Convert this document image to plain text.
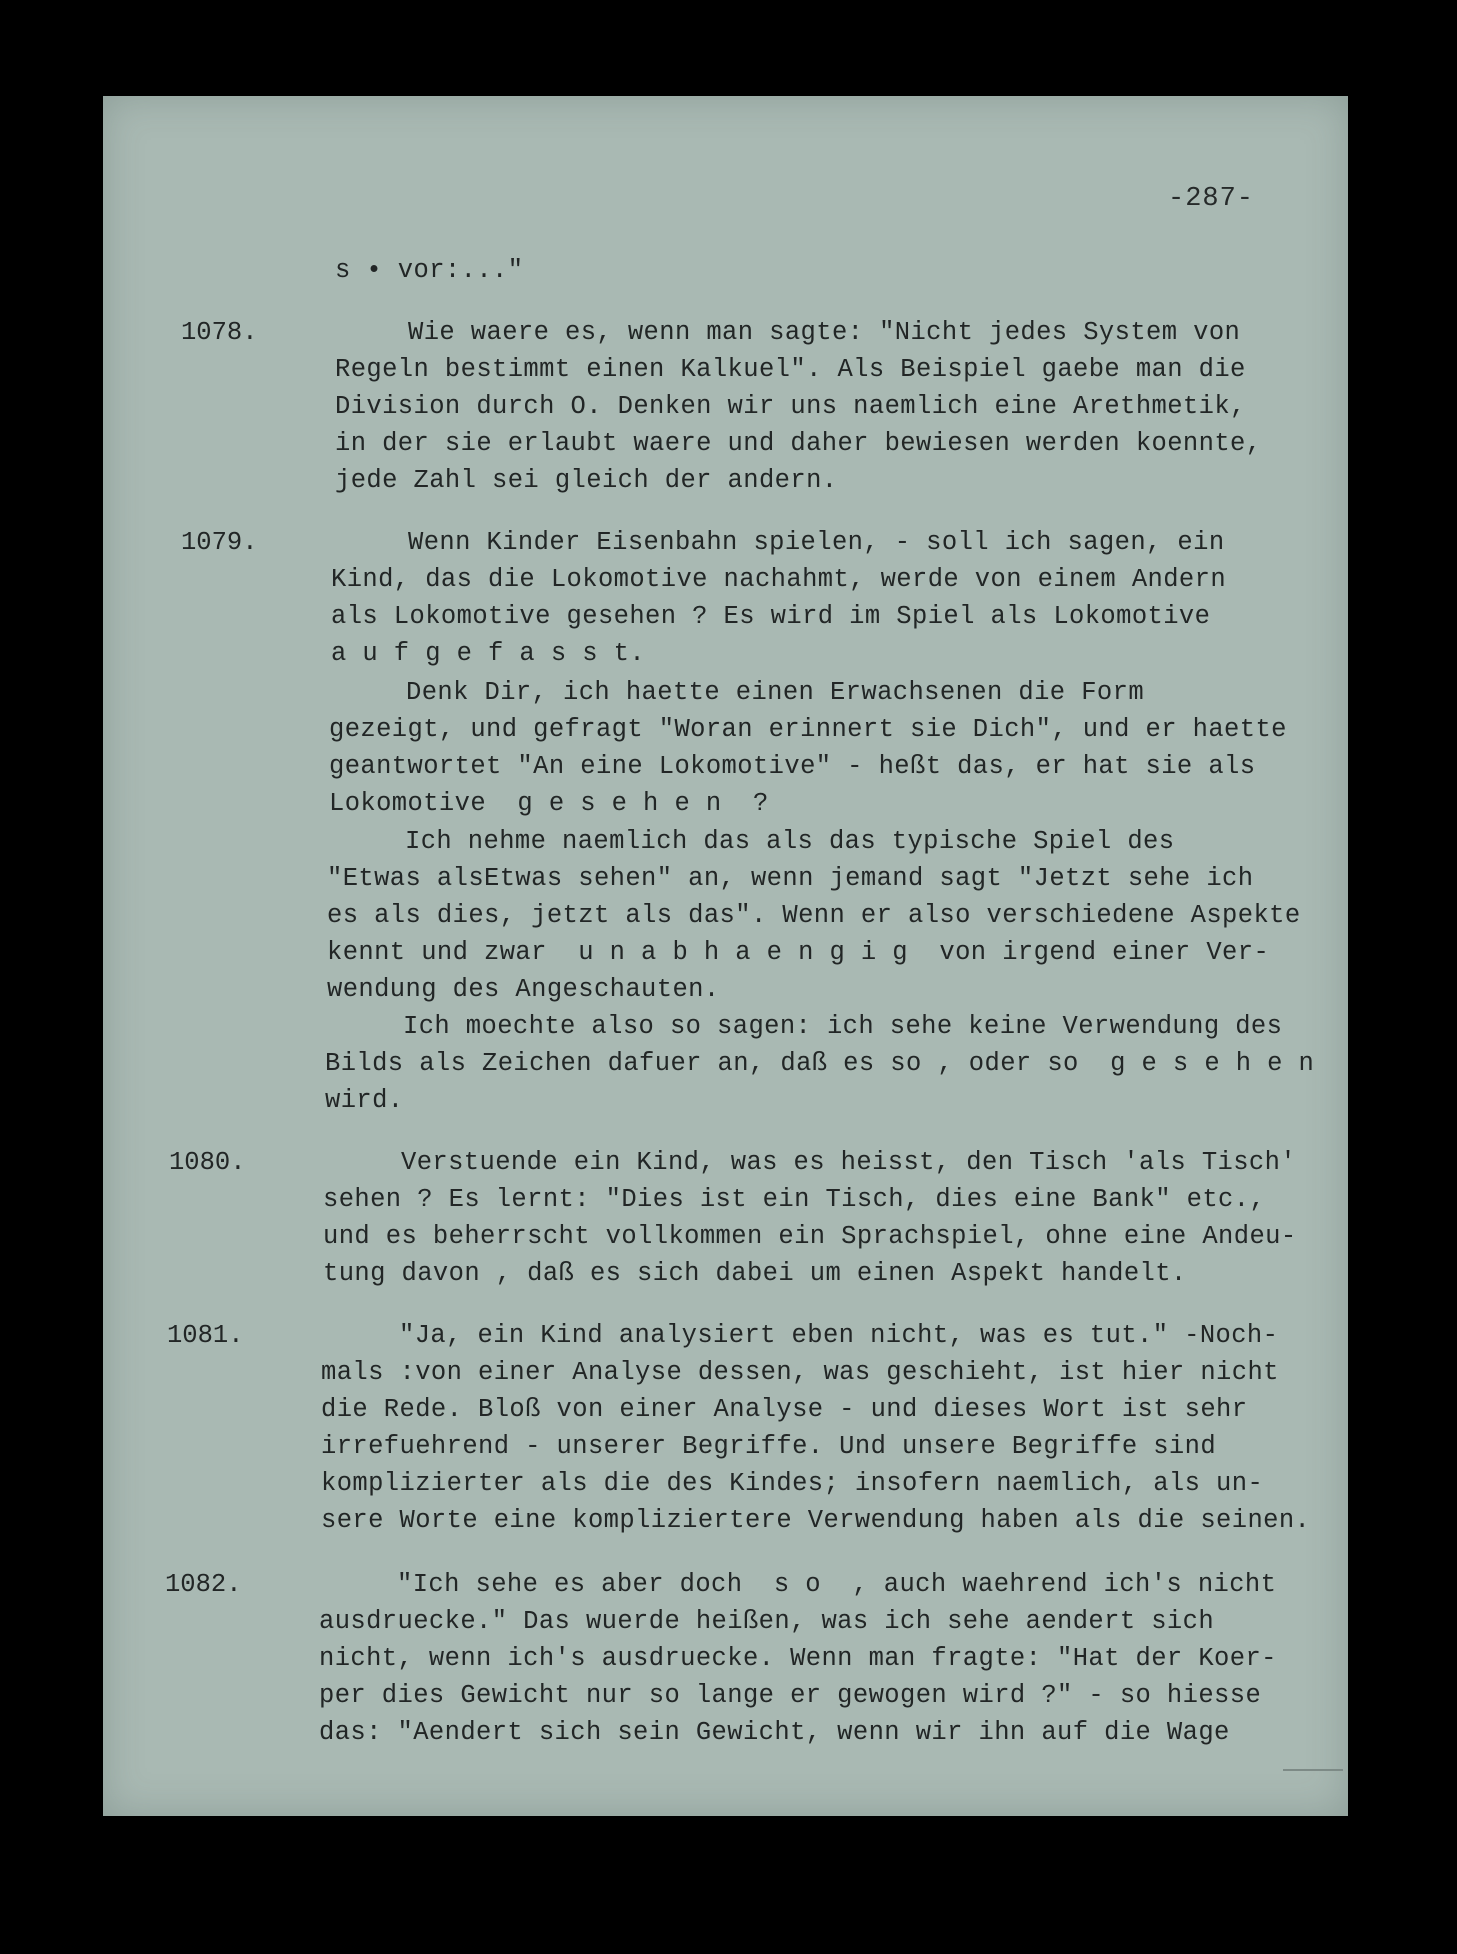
-287-
s • vor:..."
1078.	Wie waere es, wenn man sagte: "Nicht jedes System von
Regeln bestimmt einen Kalkuel". Als Beispiel gaebe man die
Division durch O. Denken wir uns naemlich eine Arethmetik,
in der sie erlaubt waere und daher bewiesen werden koennte,
jede Zahl sei gleich der andern.
1079.	Wenn Kinder Eisenbahn spielen, - soll ich sagen, ein
Kind, das die Lokomotive nachahmt, werde von einem Andern
als Lokomotive gesehen ? Es wird im Spiel als Lokomotive
a u f g e f a s s t.
Denk Dir, ich haette einen Erwachsenen die Form
gezeigt, und gefragt "Woran erinnert sie Dich", und er haette
geantwortet "An eine Lokomotive" - heßt das, er hat sie als
Lokomotive  g e s e h e n  ?
Ich nehme naemlich das als das typische Spiel des
"Etwas alsEtwas sehen" an, wenn jemand sagt "Jetzt sehe ich
es als dies, jetzt als das". Wenn er also verschiedene Aspekte
kennt und zwar  u n a b h a e n g i g  von irgend einer Ver-
wendung des Angeschauten.
Ich moechte also so sagen: ich sehe keine Verwendung des
Bilds als Zeichen dafuer an, daß es so , oder so  g e s e h e n
wird.
1080.	Verstuende ein Kind, was es heisst, den Tisch 'als Tisch'
sehen ? Es lernt: "Dies ist ein Tisch, dies eine Bank" etc.,
und es beherrscht vollkommen ein Sprachspiel, ohne eine Andeu-
tung davon , daß es sich dabei um einen Aspekt handelt.
1081.	"Ja, ein Kind analysiert eben nicht, was es tut." -Noch-
mals :von einer Analyse dessen, was geschieht, ist hier nicht
die Rede. Bloß von einer Analyse - und dieses Wort ist sehr
irrefuehrend - unserer Begriffe. Und unsere Begriffe sind
komplizierter als die des Kindes; insofern naemlich, als un-
sere Worte eine kompliziertere Verwendung haben als die seinen.
1082.	"Ich sehe es aber doch  s o  , auch waehrend ich's nicht
ausdruecke." Das wuerde heißen, was ich sehe aendert sich
nicht, wenn ich's ausdruecke. Wenn man fragte: "Hat der Koer-
per dies Gewicht nur so lange er gewogen wird ?" - so hiesse
das: "Aendert sich sein Gewicht, wenn wir ihn auf die Wage
